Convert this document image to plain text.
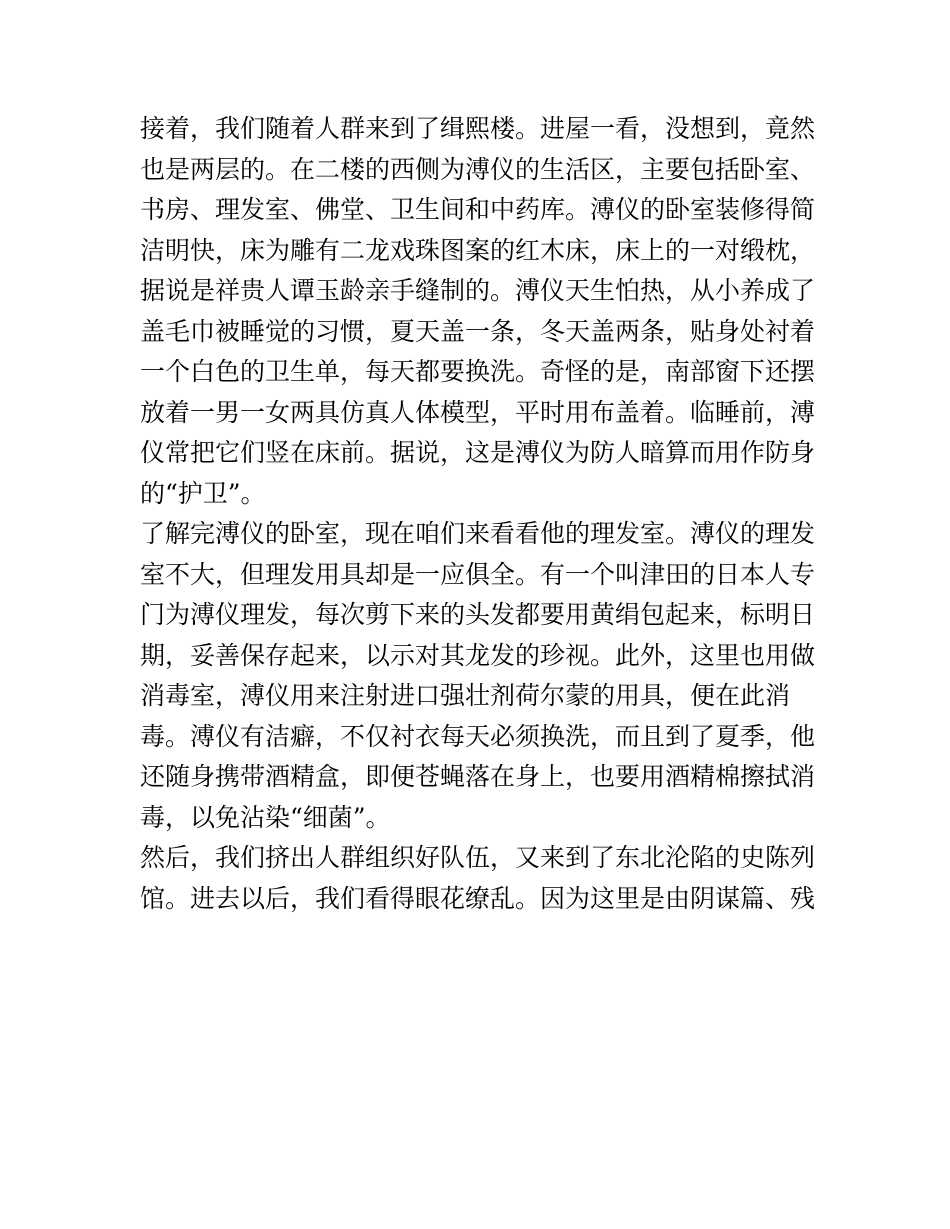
接着，我们随着人群来到了缉熙楼。进屋一看，没想到，竟然
也是两层的。在二楼的西侧为溥仪的生活区，主要包括卧室、
书房、理发室、佛堂、卫生间和中药库。溥仪的卧室装修得简
洁明快，床为雕有二龙戏珠图案的红木床，床上的一对缎枕，
据说是祥贵人谭玉龄亲手缝制的。溥仪天生怕热，从小养成了
盖毛巾被睡觉的习惯，夏天盖一条，冬天盖两条，贴身处衬着
一个白色的卫生单，每天都要换洗。奇怪的是，南部窗下还摆
放着一男一女两具仿真人体模型，平时用布盖着。临睡前，溥
仪常把它们竖在床前。据说，这是溥仪为防人暗算而用作防身
的“护卫”。
了解完溥仪的卧室，现在咱们来看看他的理发室。溥仪的理发
室不大，但理发用具却是一应俱全。有一个叫津田的日本人专
门为溥仪理发，每次剪下来的头发都要用黄绢包起来，标明日
期，妥善保存起来，以示对其龙发的珍视。此外，这里也用做
消毒室，溥仪用来注射进口强壮剂荷尔蒙的用具，便在此消
毒。溥仪有洁癖，不仅衬衣每天必须换洗，而且到了夏季，他
还随身携带酒精盒，即便苍蝇落在身上，也要用酒精棉擦拭消
毒，以免沾染“细菌”。
然后，我们挤出人群组织好队伍，又来到了东北沦陷的史陈列
馆。进去以后，我们看得眼花缭乱。因为这里是由阴谋篇、残
